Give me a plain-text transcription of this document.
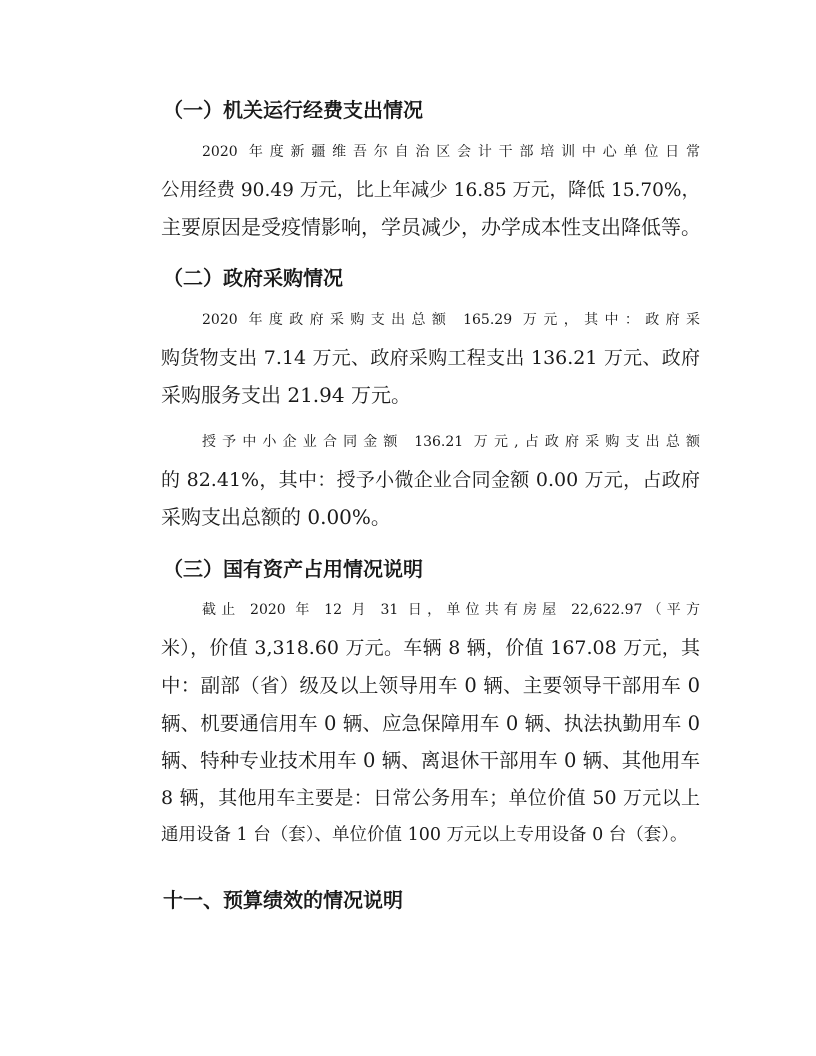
（一）机关运行经费支出情况
2020 年度新疆维吾尔自治区会计干部培训中心单位日常
公用经费 90.49 万元，比上年减少 16.85 万元，降低 15.70%，
主要原因是受疫情影响，学员减少，办学成本性支出降低等。
（二）政府采购情况
2020 年度政府采购支出总额 165.29 万元，其中：政府采
购货物支出 7.14 万元、政府采购工程支出 136.21 万元、政府
采购服务支出 21.94 万元。
授予中小企业合同金额 136.21 万元,占政府采购支出总额
的 82.41%，其中：授予小微企业合同金额 0.00 万元，占政府
采购支出总额的 0.00%。
（三）国有资产占用情况说明
截止 2020 年 12 月 31 日，单位共有房屋 22,622.97（平方
米），价值 3,318.60 万元。车辆 8 辆，价值 167.08 万元，其
中：副部（省）级及以上领导用车 0 辆、主要领导干部用车 0
辆、机要通信用车 0 辆、应急保障用车 0 辆、执法执勤用车 0
辆、特种专业技术用车 0 辆、离退休干部用车 0 辆、其他用车
8 辆，其他用车主要是：日常公务用车；单位价值 50 万元以上
通用设备 1 台（套）、单位价值 100 万元以上专用设备 0 台（套）。
十一、预算绩效的情况说明
